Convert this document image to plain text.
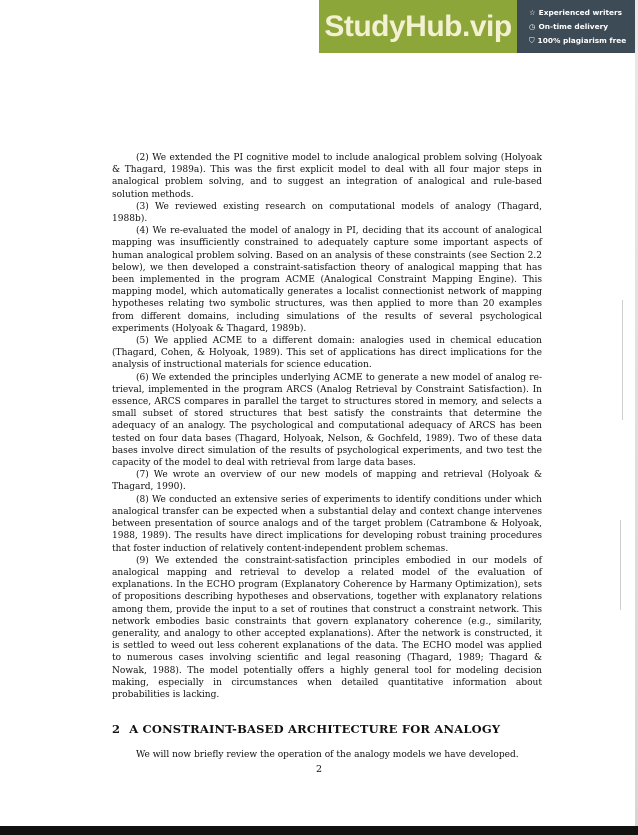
StudyHub.vip	☆ Experienced writers
◷ On-time delivery
⛉ 100% plagiarism free

(2) We extended the PI cognitive model to include analogical problem solving (Holyoak & Thagard, 1989a). This was the first explicit model to deal with all four major steps in analogical problem solving, and to suggest an integration of analogical and rule-based solution methods.

(3) We reviewed existing research on computational models of analogy (Thagard, 1988b).

(4) We re-evaluated the model of analogy in PI, deciding that its account of analogical mapping was insufficiently constrained to adequately capture some important aspects of human analogical problem solving. Based on an analysis of these constraints (see Section 2.2 below), we then developed a constraint-satisfaction theory of analogical mapping that has been implemented in the program ACME (Analogical Constraint Mapping Engine). This mapping model, which automatically generates a localist connectionist network of mapping hypotheses relating two symbolic structures, was then applied to more than 20 examples from different domains, including simulations of the results of several psychological experiments (Holyoak & Thagard, 1989b).

(5) We applied ACME to a different domain: analogies used in chemical education (Thagard, Cohen, & Holyoak, 1989). This set of applications has direct implications for the analysis of instructional materials for science education.

(6) We extended the principles underlying ACME to generate a new model of analog retrieval, implemented in the program ARCS (Analog Retrieval by Constraint Satisfaction). In essence, ARCS compares in parallel the target to structures stored in memory, and selects a small subset of stored structures that best satisfy the constraints that determine the adequacy of an analogy. The psychological and computational adequacy of ARCS has been tested on four data bases (Thagard, Holyoak, Nelson, & Gochfeld, 1989). Two of these data bases involve direct simulation of the results of psychological experiments, and two test the capacity of the model to deal with retrieval from large data bases.

(7) We wrote an overview of our new models of mapping and retrieval (Holyoak & Thagard, 1990).

(8) We conducted an extensive series of experiments to identify conditions under which analogical transfer can be expected when a substantial delay and context change intervenes between presentation of source analogs and of the target problem (Catrambone & Holyoak, 1988, 1989). The results have direct implications for developing robust training procedures that foster induction of relatively content-independent problem schemas.

(9) We extended the constraint-satisfaction principles embodied in our models of analogical mapping and retrieval to develop a related model of the evaluation of explanations. In the ECHO program (Explanatory Coherence by Harmany Optimization), sets of propositions describing hypotheses and observations, together with explanatory relations among them, provide the input to a set of routines that construct a constraint network. This network embodies basic constraints that govern explanatory coherence (e.g., similarity, generality, and analogy to other accepted explanations). After the network is constructed, it is settled to weed out less coherent explanations of the data. The ECHO model was applied to numerous cases involving scientific and legal reasoning (Thagard, 1989; Thagard & Nowak, 1988). The model potentially offers a highly general tool for modeling decision making, especially in circumstances when detailed quantitative information about probabilities is lacking.

2 A CONSTRAINT-BASED ARCHITECTURE FOR ANALOGY

We will now briefly review the operation of the analogy models we have developed.

2
